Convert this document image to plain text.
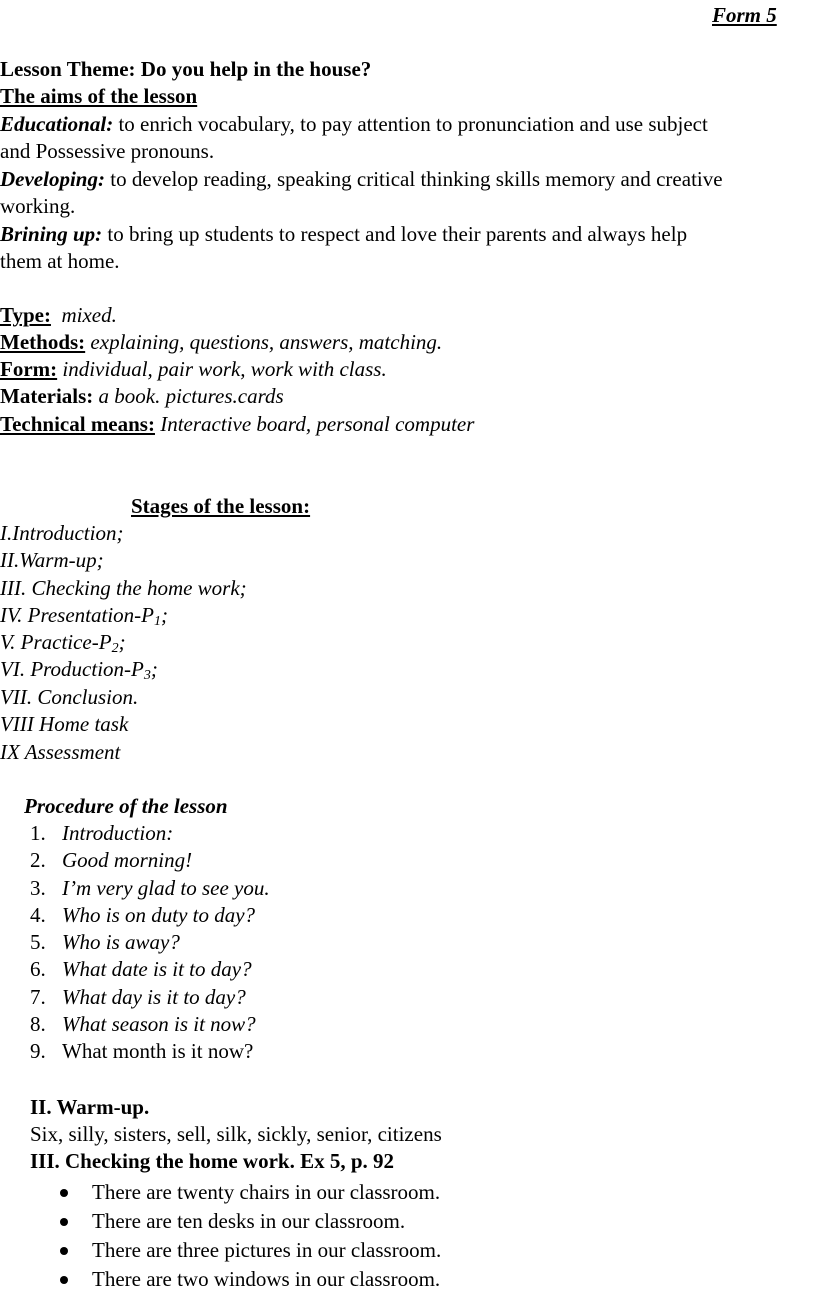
Form 5
Lesson Theme: Do you help in the house?
The aims of the lesson
Educational: to enrich vocabulary, to pay attention to pronunciation and use subject
and Possessive pronouns.
Developing: to develop reading, speaking critical thinking skills memory and creative
working.
Brining up: to bring up students to respect and love their parents and always help
them at home.
Type: mixed.
Methods: explaining, questions, answers, matching.
Form: individual, pair work, work with class.
Materials: a book. pictures.cards
Technical means: Interactive board, personal computer
Stages of the lesson:
I.Introduction;
II.Warm-up;
III. Checking the home work;
IV. Presentation-$P_1$;
V. Practice-$P_2$;
VI. Production-$P_3$;
VII. Conclusion.
VIII Home task
IX Assessment
Procedure of the lesson
1. Introduction:
2. Good morning!
3. I’m very glad to see you.
4. Who is on duty to day?
5. Who is away?
6. What date is it to day?
7. What day is it to day?
8. What season is it now?
9. What month is it now?
II. Warm-up.
Six, silly, sisters, sell, silk, sickly, senior, citizens
III. Checking the home work. Ex 5, p. 92
There are twenty chairs in our classroom.
There are ten desks in our classroom.
There are three pictures in our classroom.
There are two windows in our classroom.
